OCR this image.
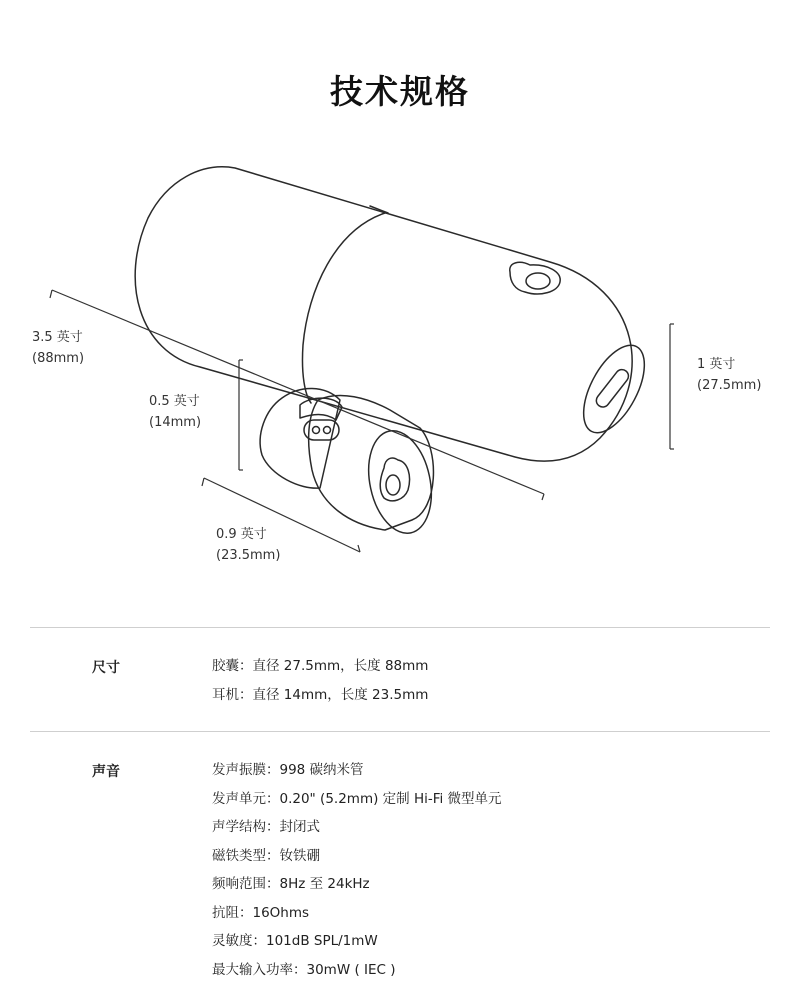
技术规格
3.5 英寸
(88mm)	1 英寸
(27.5mm)
0.5 英寸
(14mm)
0.9 英寸
(23.5mm)
尺寸	胶囊：直径 27.5mm，长度 88mm
耳机：直径 14mm，长度 23.5mm
声音	发声振膜：998 碳纳米管
发声单元：0.20" (5.2mm) 定制 Hi-Fi 微型单元
声学结构：封闭式
磁铁类型：钕铁硼
频响范围：8Hz 至 24kHz
抗阻：16Ohms
灵敏度：101dB SPL/1mW
最大输入功率：30mW ( IEC )
